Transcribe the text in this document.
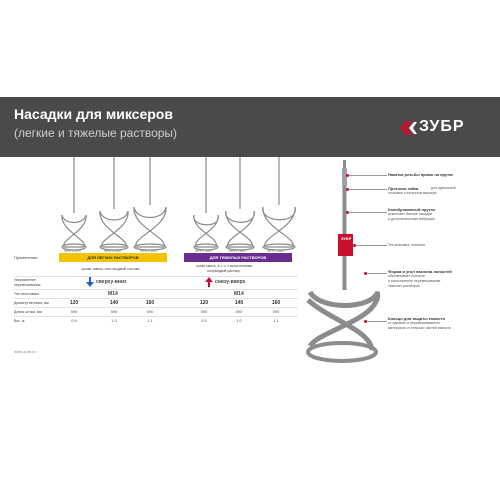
Насадки для миксеров
(легкие и тяжелые растворы)	ЗУБР
МНЛ-120	МНЛ-140	МНЛ-160	МНТ-120	МНТ-140	МНТ-160
Применение:	ДЛЯ ЛЕГКИХ РАСТВОРОВ	ДЛЯ ТЯЖЕЛЫХ РАСТВОРОВ
сухая смесь или жидкий состав	сухая смесь, в т. ч. с включениями,
полужидкий раствор
Направление
перемешивания	сверху-вниз	снизу-вверх
Тип хвостовика	M14	M14
Диаметр венчика, мм	120	140	160	120	140	160
Длина штока, мм	590	590	590	590	590	590
Вес, кг	0.9	1.0	1.1	0.9	1.0	1.1
www.zubr.ru
ЗУБР
Накатка резьбы прямо на прутке
Проточка гайки	для идеальной
стыковки с патроном миксера
Калиброванный пруток
исключает биение насадки
и дополнительные вибрации
Тех.упаковка: этикетка
Форма и угол наклона лопастей
обеспечивает быстрое
и качественное перемешивание
тяжелых растворов
Кольцо для защиты емкости
от царапин и перемешиваемого
материала от стерших частей емкости
